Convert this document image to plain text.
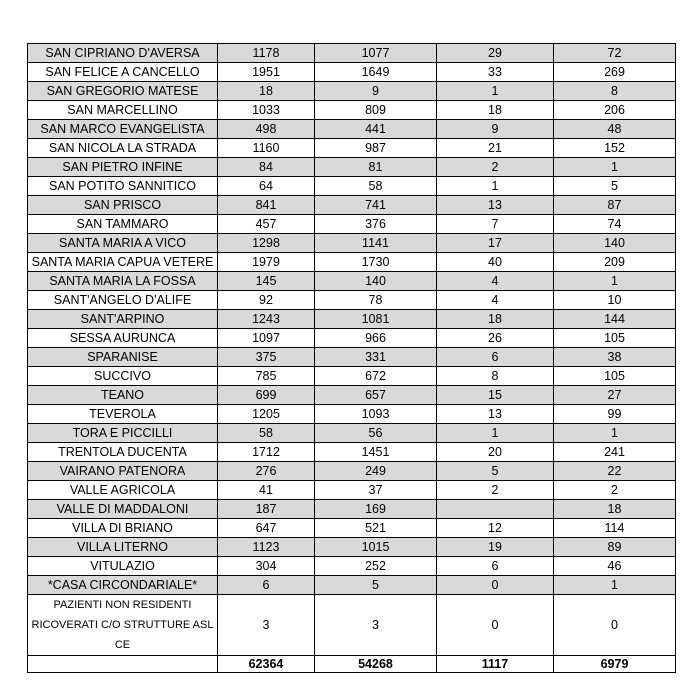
SAN CIPRIANO D'AVERSA	1178	1077	29	72
SAN FELICE A CANCELLO	1951	1649	33	269
SAN GREGORIO MATESE	18	9	1	8
SAN MARCELLINO	1033	809	18	206
SAN MARCO EVANGELISTA	498	441	9	48
SAN NICOLA LA STRADA	1160	987	21	152
SAN PIETRO INFINE	84	81	2	1
SAN POTITO SANNITICO	64	58	1	5
SAN PRISCO	841	741	13	87
SAN TAMMARO	457	376	7	74
SANTA MARIA A VICO	1298	1141	17	140
SANTA MARIA CAPUA VETERE	1979	1730	40	209
SANTA MARIA LA FOSSA	145	140	4	1
SANT'ANGELO D'ALIFE	92	78	4	10
SANT'ARPINO	1243	1081	18	144
SESSA AURUNCA	1097	966	26	105
SPARANISE	375	331	6	38
SUCCIVO	785	672	8	105
TEANO	699	657	15	27
TEVEROLA	1205	1093	13	99
TORA E PICCILLI	58	56	1	1
TRENTOLA DUCENTA	1712	1451	20	241
VAIRANO PATENORA	276	249	5	22
VALLE AGRICOLA	41	37	2	2
VALLE DI MADDALONI	187	169		18
VILLA DI BRIANO	647	521	12	114
VILLA LITERNO	1123	1015	19	89
VITULAZIO	304	252	6	46
*CASA CIRCONDARIALE*	6	5	0	1
PAZIENTI NON RESIDENTI RICOVERATI C/O STRUTTURE ASL CE	3	3	0	0
	62364	54268	1117	6979
